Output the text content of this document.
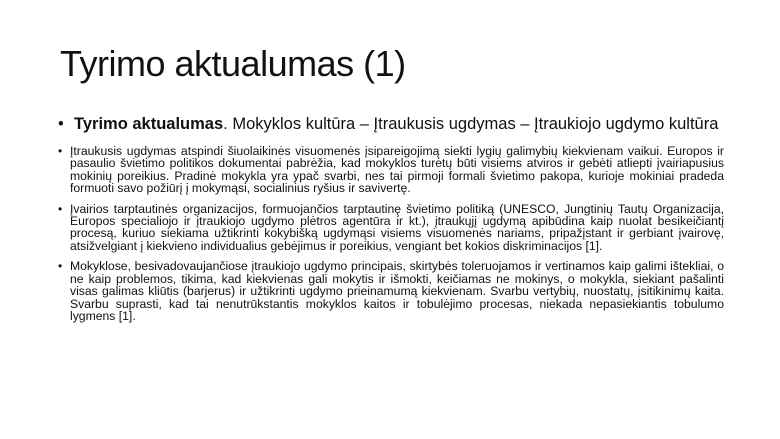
Tyrimo aktualumas (1)

• Tyrimo aktualumas. Mokyklos kultūra – Įtraukusis ugdymas – Įtraukiojo ugdymo kultūra

• Įtraukusis ugdymas atspindi šiuolaikinės visuomenės įsipareigojimą siekti lygių galimybių kiekvienam vaikui. Europos ir pasaulio švietimo politikos dokumentai pabrėžia, kad mokyklos turėtų būti visiems atviros ir gebėti atliepti įvairiapusius mokinių poreikius. Pradinė mokykla yra ypač svarbi, nes tai pirmoji formali švietimo pakopa, kurioje mokiniai pradeda formuoti savo požiūrį į mokymąsi, socialinius ryšius ir savivertę.

• Įvairios tarptautinės organizacijos, formuojančios tarptautinę švietimo politiką (UNESCO, Jungtinių Tautų Organizacija, Europos specialiojo ir įtraukiojo ugdymo plėtros agentūra ir kt.), įtraukųjį ugdymą apibūdina kaip nuolat besikeičiantį procesą, kuriuo siekiama užtikrinti kokybišką ugdymąsi visiems visuomenės nariams, pripažįstant ir gerbiant įvairovę, atsižvelgiant į kiekvieno individualius gebėjimus ir poreikius, vengiant bet kokios diskriminacijos [1].

• Mokyklose, besivadovaujančiose įtraukiojo ugdymo principais, skirtybės toleruojamos ir vertinamos kaip galimi ištekliai, o ne kaip problemos, tikima, kad kiekvienas gali mokytis ir išmokti, keičiamas ne mokinys, o mokykla, siekiant pašalinti visas galimas kliūtis (barjerus) ir užtikrinti ugdymo prieinamumą kiekvienam. Svarbu vertybių, nuostatų, įsitikinimų kaita. Svarbu suprasti, kad tai nenutrūkstantis mokyklos kaitos ir tobulėjimo procesas, niekada nepasiekiantis tobulumo lygmens [1].
